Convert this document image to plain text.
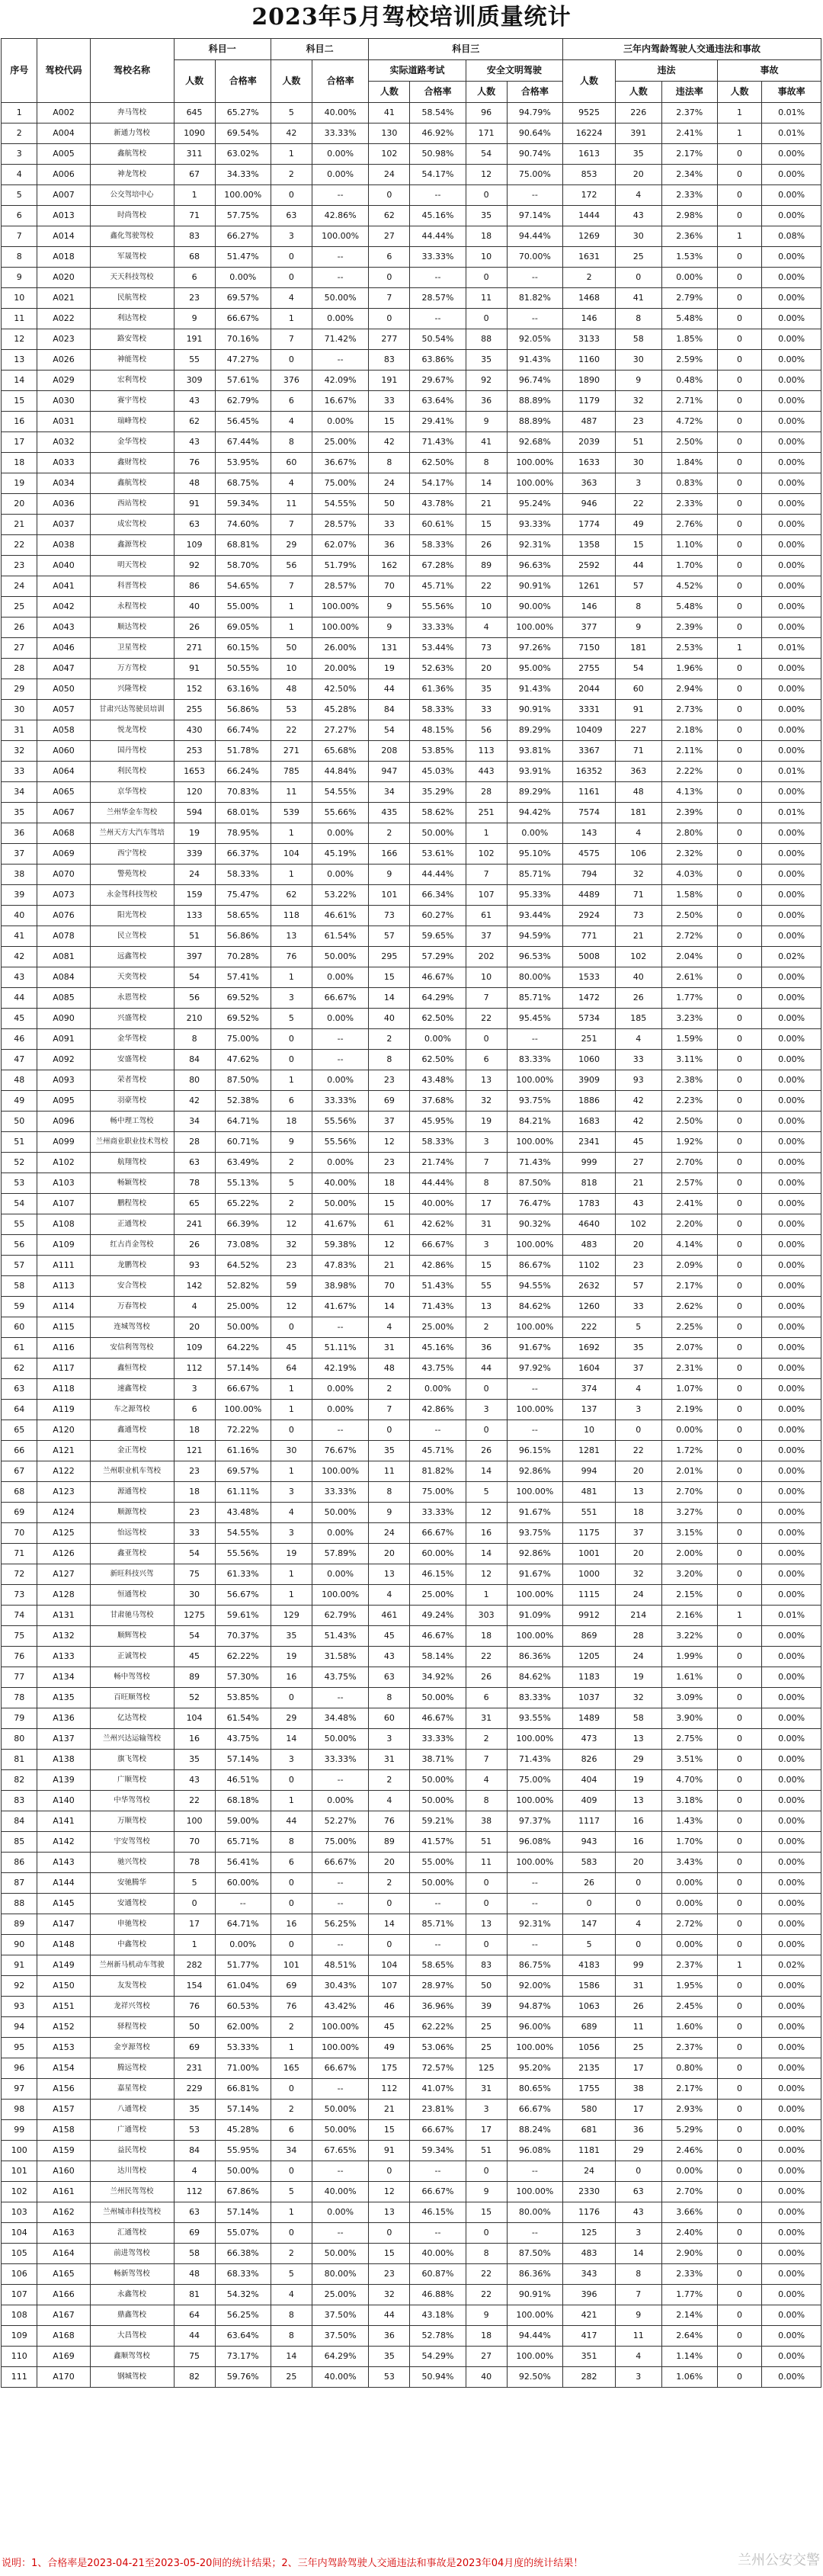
2023年5月驾校培训质量统计
序号	驾校代码	驾校名称	科目一		科目二		科目三				三年内驾龄驾驶人交通违法和事故				
			人数	合格率	人数	合格率	实际道路考试		安全文明驾驶		人数	违法		事故	
							人数	合格率	人数	合格率		人数	违法率	人数	事故率
1	A002	奔马驾校	645	65.27%	5	40.00%	41	58.54%	96	94.79%	9525	226	2.37%	1	0.01%
2	A004	新通力驾校	1090	69.54%	42	33.33%	130	46.92%	171	90.64%	16224	391	2.41%	1	0.01%
3	A005	鑫航驾校	311	63.02%	1	0.00%	102	50.98%	54	90.74%	1613	35	2.17%	0	0.00%
4	A006	神龙驾校	67	34.33%	2	0.00%	24	54.17%	12	75.00%	853	20	2.34%	0	0.00%
5	A007	公交驾培中心	1	100.00%	0	--	0	--	0	--	172	4	2.33%	0	0.00%
6	A013	时尚驾校	71	57.75%	63	42.86%	62	45.16%	35	97.14%	1444	43	2.98%	0	0.00%
7	A014	鑫化驾驶驾校	83	66.27%	3	100.00%	27	44.44%	18	94.44%	1269	30	2.36%	1	0.08%
8	A018	军晟驾校	68	51.47%	0	--	6	33.33%	10	70.00%	1631	25	1.53%	0	0.00%
9	A020	天天科技驾校	6	0.00%	0	--	0	--	0	--	2	0	0.00%	0	0.00%
10	A021	民航驾校	23	69.57%	4	50.00%	7	28.57%	11	81.82%	1468	41	2.79%	0	0.00%
11	A022	利达驾校	9	66.67%	1	0.00%	0	--	0	--	146	8	5.48%	0	0.00%
12	A023	路安驾校	191	70.16%	7	71.42%	277	50.54%	88	92.05%	3133	58	1.85%	0	0.00%
13	A026	神能驾校	55	47.27%	0	--	83	63.86%	35	91.43%	1160	30	2.59%	0	0.00%
14	A029	宏利驾校	309	57.61%	376	42.09%	191	29.67%	92	96.74%	1890	9	0.48%	0	0.00%
15	A030	赛宇驾校	43	62.79%	6	16.67%	33	63.64%	36	88.89%	1179	32	2.71%	0	0.00%
16	A031	瑞峰驾校	62	56.45%	4	0.00%	15	29.41%	9	88.89%	487	23	4.72%	0	0.00%
17	A032	金华驾校	43	67.44%	8	25.00%	42	71.43%	41	92.68%	2039	51	2.50%	0	0.00%
18	A033	鑫财驾校	76	53.95%	60	36.67%	8	62.50%	8	100.00%	1633	30	1.84%	0	0.00%
19	A034	鑫航驾校	48	68.75%	4	75.00%	24	54.17%	14	100.00%	363	3	0.83%	0	0.00%
20	A036	西站驾校	91	59.34%	11	54.55%	50	43.78%	21	95.24%	946	22	2.33%	0	0.00%
21	A037	成宏驾校	63	74.60%	7	28.57%	33	60.61%	15	93.33%	1774	49	2.76%	0	0.00%
22	A038	鑫源驾校	109	68.81%	29	62.07%	36	58.33%	26	92.31%	1358	15	1.10%	0	0.00%
23	A040	明天驾校	92	58.70%	56	51.79%	162	67.28%	89	96.63%	2592	44	1.70%	0	0.00%
24	A041	科晋驾校	86	54.65%	7	28.57%	70	45.71%	22	90.91%	1261	57	4.52%	0	0.00%
25	A042	永程驾校	40	55.00%	1	100.00%	9	55.56%	10	90.00%	146	8	5.48%	0	0.00%
26	A043	顺达驾校	26	69.05%	1	100.00%	9	33.33%	4	100.00%	377	9	2.39%	0	0.00%
27	A046	卫星驾校	271	60.15%	50	26.00%	131	53.44%	73	97.26%	7150	181	2.53%	1	0.01%
28	A047	万方驾校	91	50.55%	10	20.00%	19	52.63%	20	95.00%	2755	54	1.96%	0	0.00%
29	A050	兴隆驾校	152	63.16%	48	42.50%	44	61.36%	35	91.43%	2044	60	2.94%	0	0.00%
30	A057	甘肃兴达驾驶员培训	255	56.86%	53	45.28%	84	58.33%	33	90.91%	3331	91	2.73%	0	0.00%
31	A058	悦龙驾校	430	66.74%	22	27.27%	54	48.15%	56	89.29%	10409	227	2.18%	0	0.00%
32	A060	国丹驾校	253	51.78%	271	65.68%	208	53.85%	113	93.81%	3367	71	2.11%	0	0.00%
33	A064	利民驾校	1653	66.24%	785	44.84%	947	45.03%	443	93.91%	16352	363	2.22%	0	0.01%
34	A065	京华驾校	120	70.83%	11	54.55%	34	35.29%	28	89.29%	1161	48	4.13%	0	0.00%
35	A067	兰州华金车驾校	594	68.01%	539	55.66%	435	58.62%	251	94.42%	7574	181	2.39%	0	0.01%
36	A068	兰州天方大汽车驾培	19	78.95%	1	0.00%	2	50.00%	1	0.00%	143	4	2.80%	0	0.00%
37	A069	西宁驾校	339	66.37%	104	45.19%	166	53.61%	102	95.10%	4575	106	2.32%	0	0.00%
38	A070	警苑驾校	24	58.33%	1	0.00%	9	44.44%	7	85.71%	794	32	4.03%	0	0.00%
39	A073	永金驾科技驾校	159	75.47%	62	53.22%	101	66.34%	107	95.33%	4489	71	1.58%	0	0.00%
40	A076	阳光驾校	133	58.65%	118	46.61%	73	60.27%	61	93.44%	2924	73	2.50%	0	0.00%
41	A078	民立驾校	51	56.86%	13	61.54%	57	59.65%	37	94.59%	771	21	2.72%	0	0.00%
42	A081	远鑫驾校	397	70.28%	76	50.00%	295	57.29%	202	96.53%	5008	102	2.04%	0	0.02%
43	A084	天奕驾校	54	57.41%	1	0.00%	15	46.67%	10	80.00%	1533	40	2.61%	0	0.00%
44	A085	永恩驾校	56	69.52%	3	66.67%	14	64.29%	7	85.71%	1472	26	1.77%	0	0.00%
45	A090	兴盛驾校	210	69.52%	5	0.00%	40	62.50%	22	95.45%	5734	185	3.23%	0	0.00%
46	A091	金华驾校	8	75.00%	0	--	2	0.00%	0	--	251	4	1.59%	0	0.00%
47	A092	安盛驾校	84	47.62%	0	--	8	62.50%	6	83.33%	1060	33	3.11%	0	0.00%
48	A093	荣者驾校	80	87.50%	1	0.00%	23	43.48%	13	100.00%	3909	93	2.38%	0	0.00%
49	A095	羽豪驾校	42	52.38%	6	33.33%	69	37.68%	32	93.75%	1886	42	2.23%	0	0.00%
50	A096	畅中理工驾校	34	64.71%	18	55.56%	37	45.95%	19	84.21%	1683	42	2.50%	0	0.00%
51	A099	兰州商业职业技术驾校	28	60.71%	9	55.56%	12	58.33%	3	100.00%	2341	45	1.92%	0	0.00%
52	A102	航翔驾校	63	63.49%	2	0.00%	23	21.74%	7	71.43%	999	27	2.70%	0	0.00%
53	A103	畅颖驾校	78	55.13%	5	40.00%	18	44.44%	8	87.50%	818	21	2.57%	0	0.00%
54	A107	鹏程驾校	65	65.22%	2	50.00%	15	40.00%	17	76.47%	1783	43	2.41%	0	0.00%
55	A108	正通驾校	241	66.39%	12	41.67%	61	42.62%	31	90.32%	4640	102	2.20%	0	0.00%
56	A109	红古肖金驾校	26	73.08%	32	59.38%	12	66.67%	3	100.00%	483	20	4.14%	0	0.00%
57	A111	龙鹏驾校	93	64.52%	23	47.83%	21	42.86%	15	86.67%	1102	23	2.09%	0	0.00%
58	A113	安合驾校	142	52.82%	59	38.98%	70	51.43%	55	94.55%	2632	57	2.17%	0	0.00%
59	A114	万春驾校	4	25.00%	12	41.67%	14	71.43%	13	84.62%	1260	33	2.62%	0	0.00%
60	A115	连城驾驾校	20	50.00%	0	--	4	25.00%	2	100.00%	222	5	2.25%	0	0.00%
61	A116	安信利驾驾校	109	64.22%	45	51.11%	31	45.16%	36	91.67%	1692	35	2.07%	0	0.00%
62	A117	鑫恒驾校	112	57.14%	64	42.19%	48	43.75%	44	97.92%	1604	37	2.31%	0	0.00%
63	A118	速鑫驾校	3	66.67%	1	0.00%	2	0.00%	0	--	374	4	1.07%	0	0.00%
64	A119	车之源驾校	6	100.00%	1	0.00%	7	42.86%	3	100.00%	137	3	2.19%	0	0.00%
65	A120	鑫通驾校	18	72.22%	0	--	0	--	0	--	10	0	0.00%	0	0.00%
66	A121	金正驾校	121	61.16%	30	76.67%	35	45.71%	26	96.15%	1281	22	1.72%	0	0.00%
67	A122	兰州职业机车驾校	23	69.57%	1	100.00%	11	81.82%	14	92.86%	994	20	2.01%	0	0.00%
68	A123	源通驾校	18	61.11%	3	33.33%	8	75.00%	5	100.00%	481	13	2.70%	0	0.00%
69	A124	顺源驾校	23	43.48%	4	50.00%	9	33.33%	12	91.67%	551	18	3.27%	0	0.00%
70	A125	怡远驾校	33	54.55%	3	0.00%	24	66.67%	16	93.75%	1175	37	3.15%	0	0.00%
71	A126	鑫亚驾校	54	55.56%	19	57.89%	20	60.00%	14	92.86%	1001	20	2.00%	0	0.00%
72	A127	新旺科技兴驾	75	61.33%	1	0.00%	13	46.15%	12	91.67%	1000	32	3.20%	0	0.00%
73	A128	恒通驾校	30	56.67%	1	100.00%	4	25.00%	1	100.00%	1115	24	2.15%	0	0.00%
74	A131	甘肃驰马驾校	1275	59.61%	129	62.79%	461	49.24%	303	91.09%	9912	214	2.16%	1	0.01%
75	A132	顺辉驾校	54	70.37%	35	51.43%	45	46.67%	18	100.00%	869	28	3.22%	0	0.00%
76	A133	正诚驾校	45	62.22%	19	31.58%	43	58.14%	22	86.36%	1205	24	1.99%	0	0.00%
77	A134	畅中驾驾校	89	57.30%	16	43.75%	63	34.92%	26	84.62%	1183	19	1.61%	0	0.00%
78	A135	百旺顺驾校	52	53.85%	0	--	8	50.00%	6	83.33%	1037	32	3.09%	0	0.00%
79	A136	亿达驾校	104	61.54%	29	34.48%	60	46.67%	31	93.55%	1489	58	3.90%	0	0.00%
80	A137	兰州兴达运输驾校	16	43.75%	14	50.00%	3	33.33%	2	100.00%	473	13	2.75%	0	0.00%
81	A138	旗飞驾校	35	57.14%	3	33.33%	31	38.71%	7	71.43%	826	29	3.51%	0	0.00%
82	A139	广顺驾校	43	46.51%	0	--	2	50.00%	4	75.00%	404	19	4.70%	0	0.00%
83	A140	中华驾驾校	22	68.18%	1	0.00%	4	50.00%	8	100.00%	409	13	3.18%	0	0.00%
84	A141	万顺驾校	100	59.00%	44	52.27%	76	59.21%	38	97.37%	1117	16	1.43%	0	0.00%
85	A142	宇安驾驾校	70	65.71%	8	75.00%	89	41.57%	51	96.08%	943	16	1.70%	0	0.00%
86	A143	驰兴驾校	78	56.41%	6	66.67%	20	55.00%	11	100.00%	583	20	3.43%	0	0.00%
87	A144	安驰腾华	5	60.00%	0	--	2	50.00%	0	--	26	0	0.00%	0	0.00%
88	A145	安通驾校	0	--	0	--	0	--	0	--	0	0	0.00%	0	0.00%
89	A147	申驰驾校	17	64.71%	16	56.25%	14	85.71%	13	92.31%	147	4	2.72%	0	0.00%
90	A148	中鑫驾校	1	0.00%	0	--	0	--	0	--	5	0	0.00%	0	0.00%
91	A149	兰州新马机动车驾驶	282	51.77%	101	48.51%	104	58.65%	83	86.75%	4183	99	2.37%	1	0.02%
92	A150	友发驾校	154	61.04%	69	30.43%	107	28.97%	50	92.00%	1586	31	1.95%	0	0.00%
93	A151	龙祥兴驾校	76	60.53%	76	43.42%	46	36.96%	39	94.87%	1063	26	2.45%	0	0.00%
94	A152	驿程驾校	50	62.00%	2	100.00%	45	62.22%	25	96.00%	689	11	1.60%	0	0.00%
95	A153	金亨源驾校	69	53.33%	1	100.00%	49	53.06%	25	100.00%	1056	25	2.37%	0	0.00%
96	A154	腾远驾校	231	71.00%	165	66.67%	175	72.57%	125	95.20%	2135	17	0.80%	0	0.00%
97	A156	嘉星驾校	229	66.81%	0	--	112	41.07%	31	80.65%	1755	38	2.17%	0	0.00%
98	A157	八通驾校	35	57.14%	2	50.00%	21	23.81%	3	66.67%	580	17	2.93%	0	0.00%
99	A158	广通驾校	53	45.28%	6	50.00%	15	66.67%	17	88.24%	681	36	5.29%	0	0.00%
100	A159	益民驾校	84	55.95%	34	67.65%	91	59.34%	51	96.08%	1181	29	2.46%	0	0.00%
101	A160	达川驾校	4	50.00%	0	--	0	--	0	--	24	0	0.00%	0	0.00%
102	A161	兰州民驾驾校	112	67.86%	5	40.00%	12	66.67%	9	100.00%	2330	63	2.70%	0	0.00%
103	A162	兰州城市科技驾校	63	57.14%	1	0.00%	13	46.15%	15	80.00%	1176	43	3.66%	0	0.00%
104	A163	汇通驾校	69	55.07%	0	--	0	--	0	--	125	3	2.40%	0	0.00%
105	A164	前进驾驾校	58	66.38%	2	50.00%	15	40.00%	8	87.50%	483	14	2.90%	0	0.00%
106	A165	畅新驾驾校	48	68.33%	5	80.00%	23	60.87%	22	86.36%	343	8	2.33%	0	0.00%
107	A166	永鑫驾校	81	54.32%	4	25.00%	32	46.88%	22	90.91%	396	7	1.77%	0	0.00%
108	A167	鼎鑫驾校	64	56.25%	8	37.50%	44	43.18%	9	100.00%	421	9	2.14%	0	0.00%
109	A168	大昌驾校	44	63.64%	8	37.50%	36	52.78%	18	94.44%	417	11	2.64%	0	0.00%
110	A169	鑫顺驾驾校	75	73.17%	14	64.29%	35	54.29%	27	100.00%	351	4	1.14%	0	0.00%
111	A170	钢城驾校	82	59.76%	25	40.00%	53	50.94%	40	92.50%	282	3	1.06%	0	0.00%
说明：1、合格率是2023-04-21至2023-05-20间的统计结果；2、三年内驾龄驾驶人交通违法和事故是2023年04月度的统计结果！	兰州公安交警
